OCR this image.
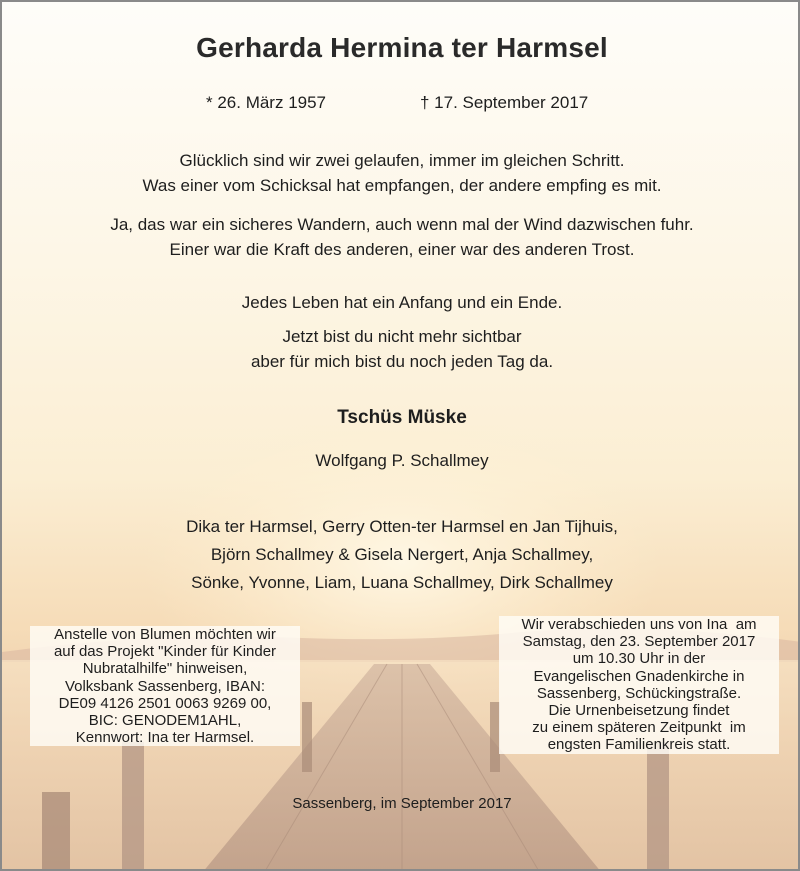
Gerharda Hermina ter Harmsel
* 26. März 1957	† 17. September 2017
Glücklich sind wir zwei gelaufen, immer im gleichen Schritt.
Was einer vom Schicksal hat empfangen, der andere empfing es mit.
Ja, das war ein sicheres Wandern, auch wenn mal der Wind dazwischen fuhr.
Einer war die Kraft des anderen, einer war des anderen Trost.
Jedes Leben hat ein Anfang und ein Ende.
Jetzt bist du nicht mehr sichtbar
aber für mich bist du noch jeden Tag da.
Tschüs Müske
Wolfgang P. Schallmey
Dika ter Harmsel, Gerry Otten-ter Harmsel en Jan Tijhuis,
Björn Schallmey & Gisela Nergert, Anja Schallmey,
Sönke, Yvonne, Liam, Luana Schallmey, Dirk Schallmey
Anstelle von Blumen möchten wir
auf das Projekt "Kinder für Kinder
Nubratalhilfe" hinweisen,
Volksbank Sassenberg, IBAN:
DE09 4126 2501 0063 9269 00,
BIC: GENODEM1AHL,
Kennwort: Ina ter Harmsel.
Wir verabschieden uns von Ina  am
Samstag, den 23. September 2017
um 10.30 Uhr in der
Evangelischen Gnadenkirche in
Sassenberg, Schückingstraße.
Die Urnenbeisetzung findet
zu einem späteren Zeitpunkt  im
engsten Familienkreis statt.
Sassenberg, im September 2017
